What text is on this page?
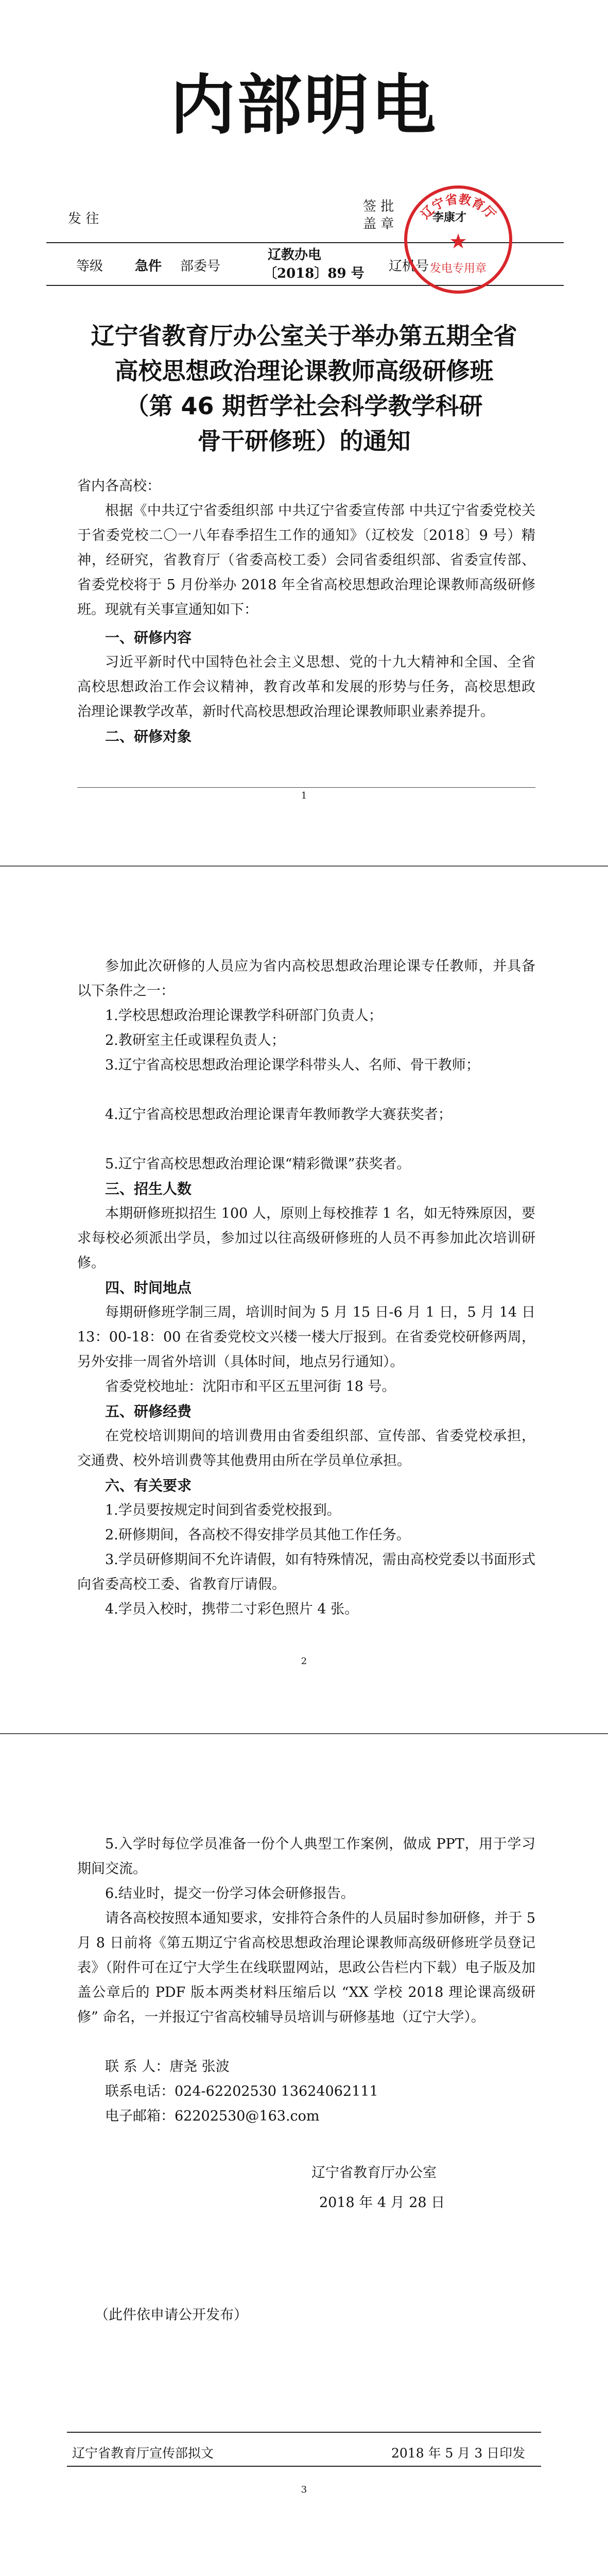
内部明电
发 往
签 批
盖 章	李康才
等级 急件 部委号
辽教办电
〔2018〕89 号 辽机号
辽宁省教育厅
★
发电专用章
辽宁省教育厅办公室关于举办第五期全省
高校思想政治理论课教师高级研修班
（第 46 期哲学社会科学教学科研
骨干研修班）的通知
省内各高校：
根据《中共辽宁省委组织部 中共辽宁省委宣传部 中共辽宁省委党校关于省委党校二〇一八年春季招生工作的通知》（辽校发〔2018〕9 号）精神，经研究，省教育厅（省委高校工委）会同省委组织部、省委宣传部、省委党校将于 5 月份举办 2018 年全省高校思想政治理论课教师高级研修班。现就有关事宣通知如下：
一、研修内容
习近平新时代中国特色社会主义思想、党的十九大精神和全国、全省高校思想政治工作会议精神，教育改革和发展的形势与任务，高校思想政治理论课教学改革，新时代高校思想政治理论课教师职业素养提升。
二、研修对象
1
参加此次研修的人员应为省内高校思想政治理论课专任教师，并具备以下条件之一：
1.学校思想政治理论课教学科研部门负责人；
2.教研室主任或课程负责人；
3.辽宁省高校思想政治理论课学科带头人、名师、骨干教师；
4.辽宁省高校思想政治理论课青年教师教学大赛获奖者；
5.辽宁省高校思想政治理论课“精彩微课”获奖者。
三、招生人数
本期研修班拟招生 100 人，原则上每校推荐 1 名，如无特殊原因，要求每校必须派出学员，参加过以往高级研修班的人员不再参加此次培训研修。
四、时间地点
每期研修班学制三周，培训时间为 5 月 15 日-6 月 1 日，5 月 14 日 13：00-18：00 在省委党校文兴楼一楼大厅报到。在省委党校研修两周，另外安排一周省外培训（具体时间，地点另行通知）。
省委党校地址：沈阳市和平区五里河街 18 号。
五、研修经费
在党校培训期间的培训费用由省委组织部、宣传部、省委党校承担，交通费、校外培训费等其他费用由所在学员单位承担。
六、有关要求
1.学员要按规定时间到省委党校报到。
2.研修期间，各高校不得安排学员其他工作任务。
3.学员研修期间不允许请假，如有特殊情况，需由高校党委以书面形式向省委高校工委、省教育厅请假。
4.学员入校时，携带二寸彩色照片 4 张。
2
5.入学时每位学员准备一份个人典型工作案例，做成 PPT，用于学习期间交流。
6.结业时，提交一份学习体会研修报告。
请各高校按照本通知要求，安排符合条件的人员届时参加研修，并于 5 月 8 日前将《第五期辽宁省高校思想政治理论课教师高级研修班学员登记表》（附件可在辽宁大学生在线联盟网站，思政公告栏内下载）电子版及加盖公章后的 PDF 版本两类材料压缩后以 “XX 学校 2018 理论课高级研修” 命名，一并报辽宁省高校辅导员培训与研修基地（辽宁大学）。
联 系 人：唐尧 张波
联系电话：024-62202530 13624062111
电子邮箱：62202530@163.com
辽宁省教育厅办公室
2018 年 4 月 28 日
（此件依申请公开发布）
辽宁省教育厅宣传部拟文	2018 年 5 月 3 日印发
3
